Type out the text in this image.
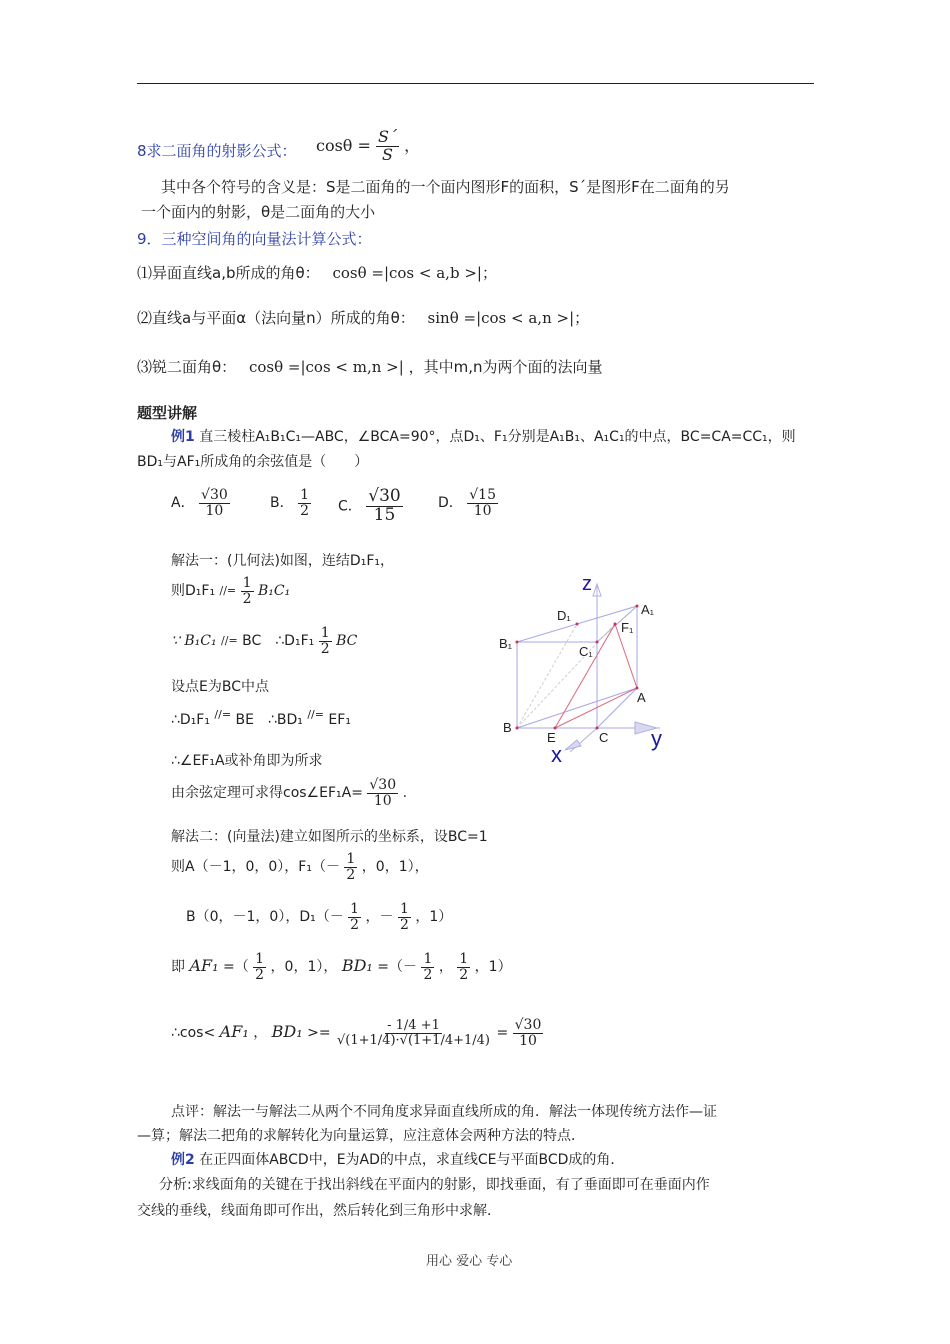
8求二面角的射影公式： $\cos\theta = \frac{S´}{S}$ ，
其中各个符号的含义是：S是二面角的一个面内图形F的面积，S´是图形F在二面角的另
一个面内的射影，θ是二面角的大小
9．三种空间角的向量法计算公式：
⑴异面直线a,b所成的角θ： cosθ =|cos < a,b >|；
⑵直线a与平面α（法向量n）所成的角θ： sinθ =|cos < a,n >|；
⑶锐二面角θ： cosθ =|cos < m,n >| ，其中m,n为两个面的法向量
题型讲解
例1 直三棱柱A₁B₁C₁—ABC，∠BCA=90°，点D₁、F₁分别是A₁B₁、A₁C₁的中点，BC=CA=CC₁，则
BD₁与AF₁所成角的余弦值是（　　）
A． $\frac{√30}{10}$	B． $\frac{1}{2}$ C． $\frac{√30}{15}$	D． $\frac{√15}{10}$
解法一：(几何法)如图，连结D₁F₁，
则D₁F₁ //=
$\frac{1}{2} B_1C_1$
∵ B₁C₁ //= BC　∴D₁F₁ $\frac{1}{2}$ BC
设点E为BC中点
∴D₁F₁ //= BE　∴BD₁ //= EF₁
∴∠EF₁A或补角即为所求
由余弦定理可求得cos∠EF₁A= $\frac{√30}{10}$ .
解法二：(向量法)建立如图所示的坐标系，设BC=1
则A（－1，0，0），$F_1(- \frac{1}{2}$ ，0，1），
B（0，－1，0），$D_1(- \frac{1}{2}$ ，－ $\frac{1}{2}$ ，1）
即 AF₁ =（ $\frac{1}{2}$ ，0，1）， BD₁ =（－ $\frac{1}{2}$ ， $\frac{1}{2}$ ，1）
∴cos< AF₁ ， $BD_1 >= \frac{- 1/4 +1}{√(1+1/4)\cdot√(1+1/4+1/4)} = \frac{√30}{10}$
点评：解法一与解法二从两个不同角度求异面直线所成的角．解法一体现传统方法作—证
—算；解法二把角的求解转化为向量运算，应注意体会两种方法的特点．
例2 在正四面体ABCD中，E为AD的中点，求直线CE与平面BCD成的角．
分析:求线面角的关键在于找出斜线在平面内的射影，即找垂面，有了垂面即可在垂面内作
交线的垂线，线面角即可作出，然后转化到三角形中求解．
z
D₁	A₁
F₁
B₁
C₁
A
B
E	C y
x
用心 爱心 专心
